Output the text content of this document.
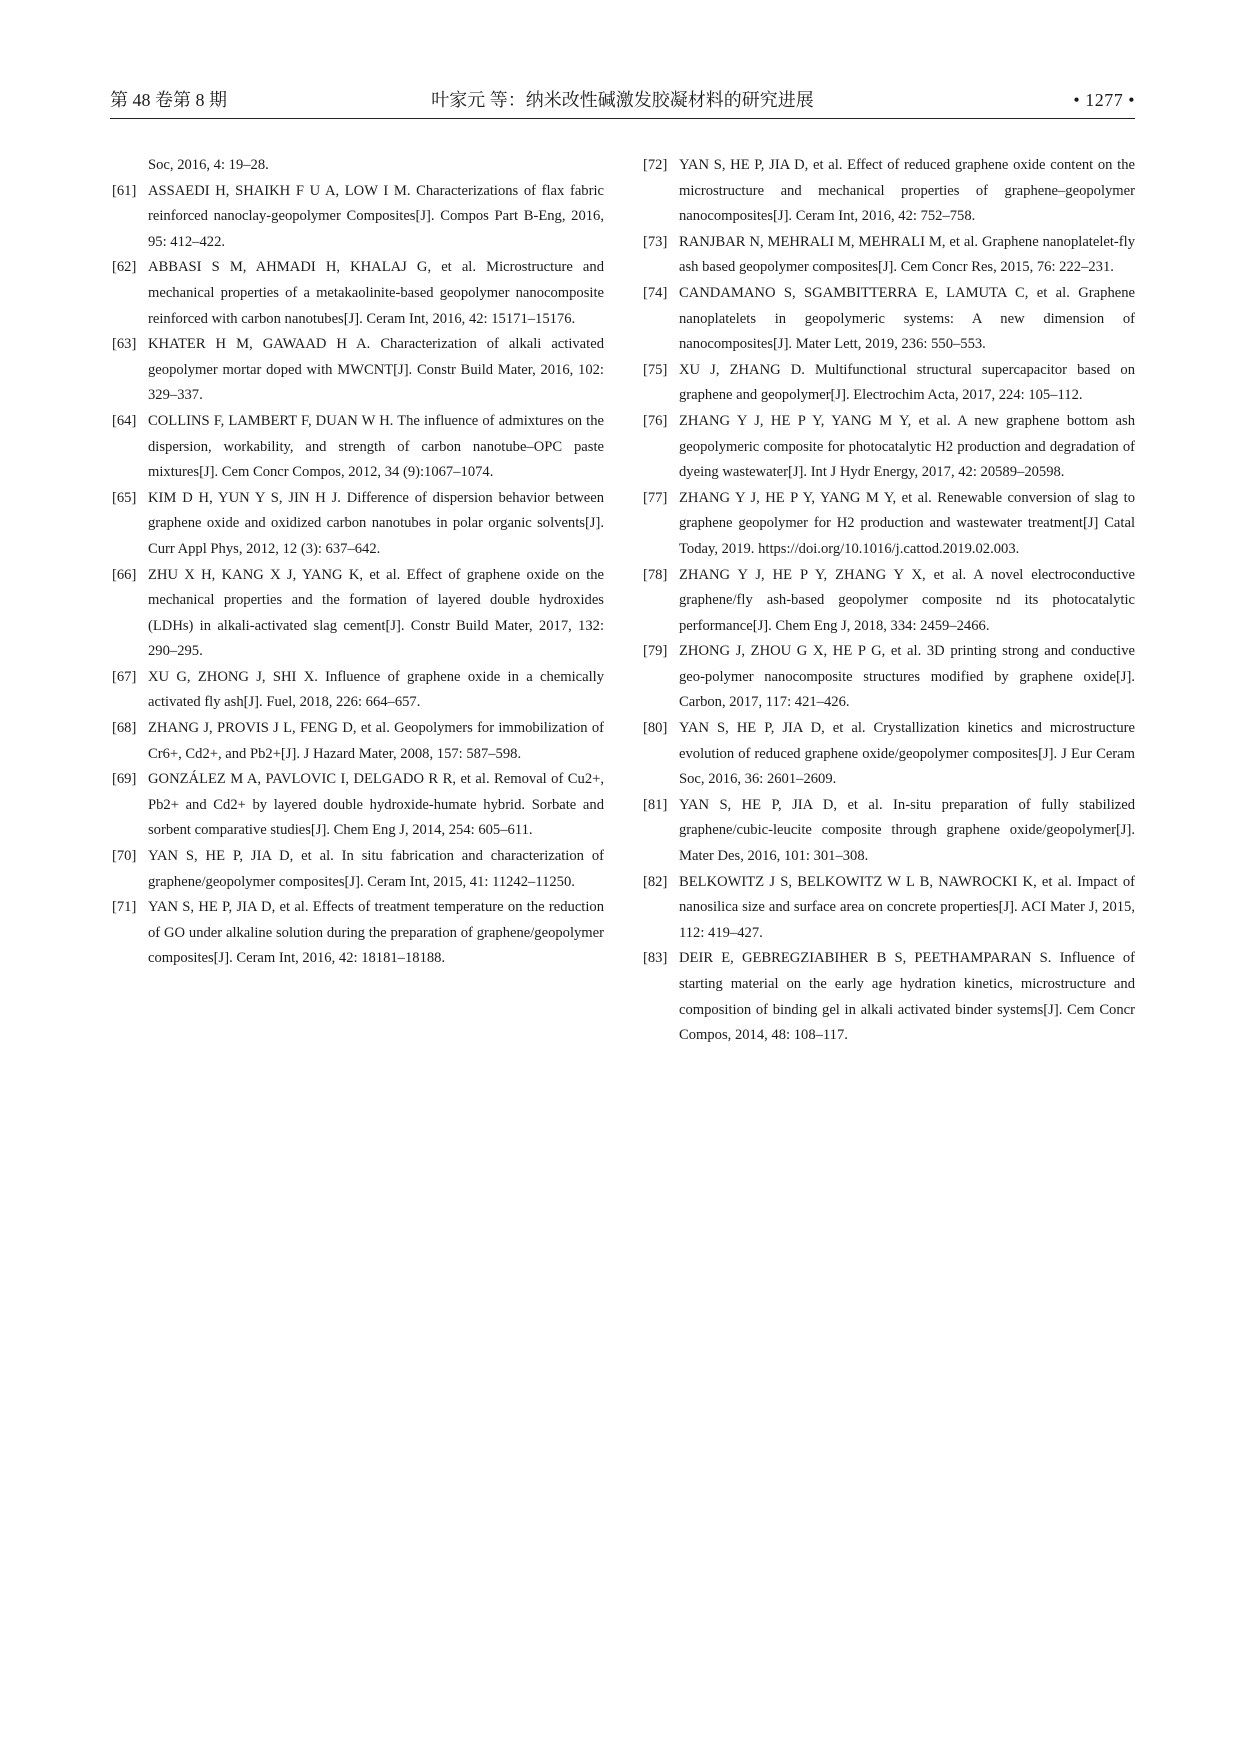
第 48 卷第 8 期	叶家元 等：纳米改性碱激发胶凝材料的研究进展	• 1277 •
Soc, 2016, 4: 19–28.
[61] ASSAEDI H, SHAIKH F U A, LOW I M. Characterizations of flax fabric reinforced nanoclay-geopolymer Composites[J]. Compos Part B-Eng, 2016, 95: 412–422.
[62] ABBASI S M, AHMADI H, KHALAJ G, et al. Microstructure and mechanical properties of a metakaolinite-based geopolymer nanocomposite reinforced with carbon nanotubes[J]. Ceram Int, 2016, 42: 15171–15176.
[63] KHATER H M, GAWAAD H A. Characterization of alkali activated geopolymer mortar doped with MWCNT[J]. Constr Build Mater, 2016, 102: 329–337.
[64] COLLINS F, LAMBERT F, DUAN W H. The influence of admixtures on the dispersion, workability, and strength of carbon nanotube–OPC paste mixtures[J]. Cem Concr Compos, 2012, 34 (9):1067–1074.
[65] KIM D H, YUN Y S, JIN H J. Difference of dispersion behavior between graphene oxide and oxidized carbon nanotubes in polar organic solvents[J]. Curr Appl Phys, 2012, 12 (3): 637–642.
[66] ZHU X H, KANG X J, YANG K, et al. Effect of graphene oxide on the mechanical properties and the formation of layered double hydroxides (LDHs) in alkali-activated slag cement[J]. Constr Build Mater, 2017, 132: 290–295.
[67] XU G, ZHONG J, SHI X. Influence of graphene oxide in a chemically activated fly ash[J]. Fuel, 2018, 226: 664–657.
[68] ZHANG J, PROVIS J L, FENG D, et al. Geopolymers for immobilization of Cr6+, Cd2+, and Pb2+[J]. J Hazard Mater, 2008, 157: 587–598.
[69] GONZÁLEZ M A, PAVLOVIC I, DELGADO R R, et al. Removal of Cu2+, Pb2+ and Cd2+ by layered double hydroxide-humate hybrid. Sorbate and sorbent comparative studies[J]. Chem Eng J, 2014, 254: 605–611.
[70] YAN S, HE P, JIA D, et al. In situ fabrication and characterization of graphene/geopolymer composites[J]. Ceram Int, 2015, 41: 11242–11250.
[71] YAN S, HE P, JIA D, et al. Effects of treatment temperature on the reduction of GO under alkaline solution during the preparation of graphene/geopolymer composites[J]. Ceram Int, 2016, 42: 18181–18188.
[72] YAN S, HE P, JIA D, et al. Effect of reduced graphene oxide content on the microstructure and mechanical properties of graphene–geopolymer nanocomposites[J]. Ceram Int, 2016, 42: 752–758.
[73] RANJBAR N, MEHRALI M, MEHRALI M, et al. Graphene nanoplatelet-fly ash based geopolymer composites[J]. Cem Concr Res, 2015, 76: 222–231.
[74] CANDAMANO S, SGAMBITTERRA E, LAMUTA C, et al. Graphene nanoplatelets in geopolymeric systems: A new dimension of nanocomposites[J]. Mater Lett, 2019, 236: 550–553.
[75] XU J, ZHANG D. Multifunctional structural supercapacitor based on graphene and geopolymer[J]. Electrochim Acta, 2017, 224: 105–112.
[76] ZHANG Y J, HE P Y, YANG M Y, et al. A new graphene bottom ash geopolymeric composite for photocatalytic H2 production and degradation of dyeing wastewater[J]. Int J Hydr Energy, 2017, 42: 20589–20598.
[77] ZHANG Y J, HE P Y, YANG M Y, et al. Renewable conversion of slag to graphene geopolymer for H2 production and wastewater treatment[J] Catal Today, 2019. https://doi.org/10.1016/j.cattod.2019.02.003.
[78] ZHANG Y J, HE P Y, ZHANG Y X, et al. A novel electroconductive graphene/fly ash-based geopolymer composite nd its photocatalytic performance[J]. Chem Eng J, 2018, 334: 2459–2466.
[79] ZHONG J, ZHOU G X, HE P G, et al. 3D printing strong and conductive geo-polymer nanocomposite structures modified by graphene oxide[J]. Carbon, 2017, 117: 421–426.
[80] YAN S, HE P, JIA D, et al. Crystallization kinetics and microstructure evolution of reduced graphene oxide/geopolymer composites[J]. J Eur Ceram Soc, 2016, 36: 2601–2609.
[81] YAN S, HE P, JIA D, et al. In-situ preparation of fully stabilized graphene/cubic-leucite composite through graphene oxide/geopolymer[J]. Mater Des, 2016, 101: 301–308.
[82] BELKOWITZ J S, BELKOWITZ W L B, NAWROCKI K, et al. Impact of nanosilica size and surface area on concrete properties[J]. ACI Mater J, 2015, 112: 419–427.
[83] DEIR E, GEBREGZIABIHER B S, PEETHAMPARAN S. Influence of starting material on the early age hydration kinetics, microstructure and composition of binding gel in alkali activated binder systems[J]. Cem Concr Compos, 2014, 48: 108–117.
